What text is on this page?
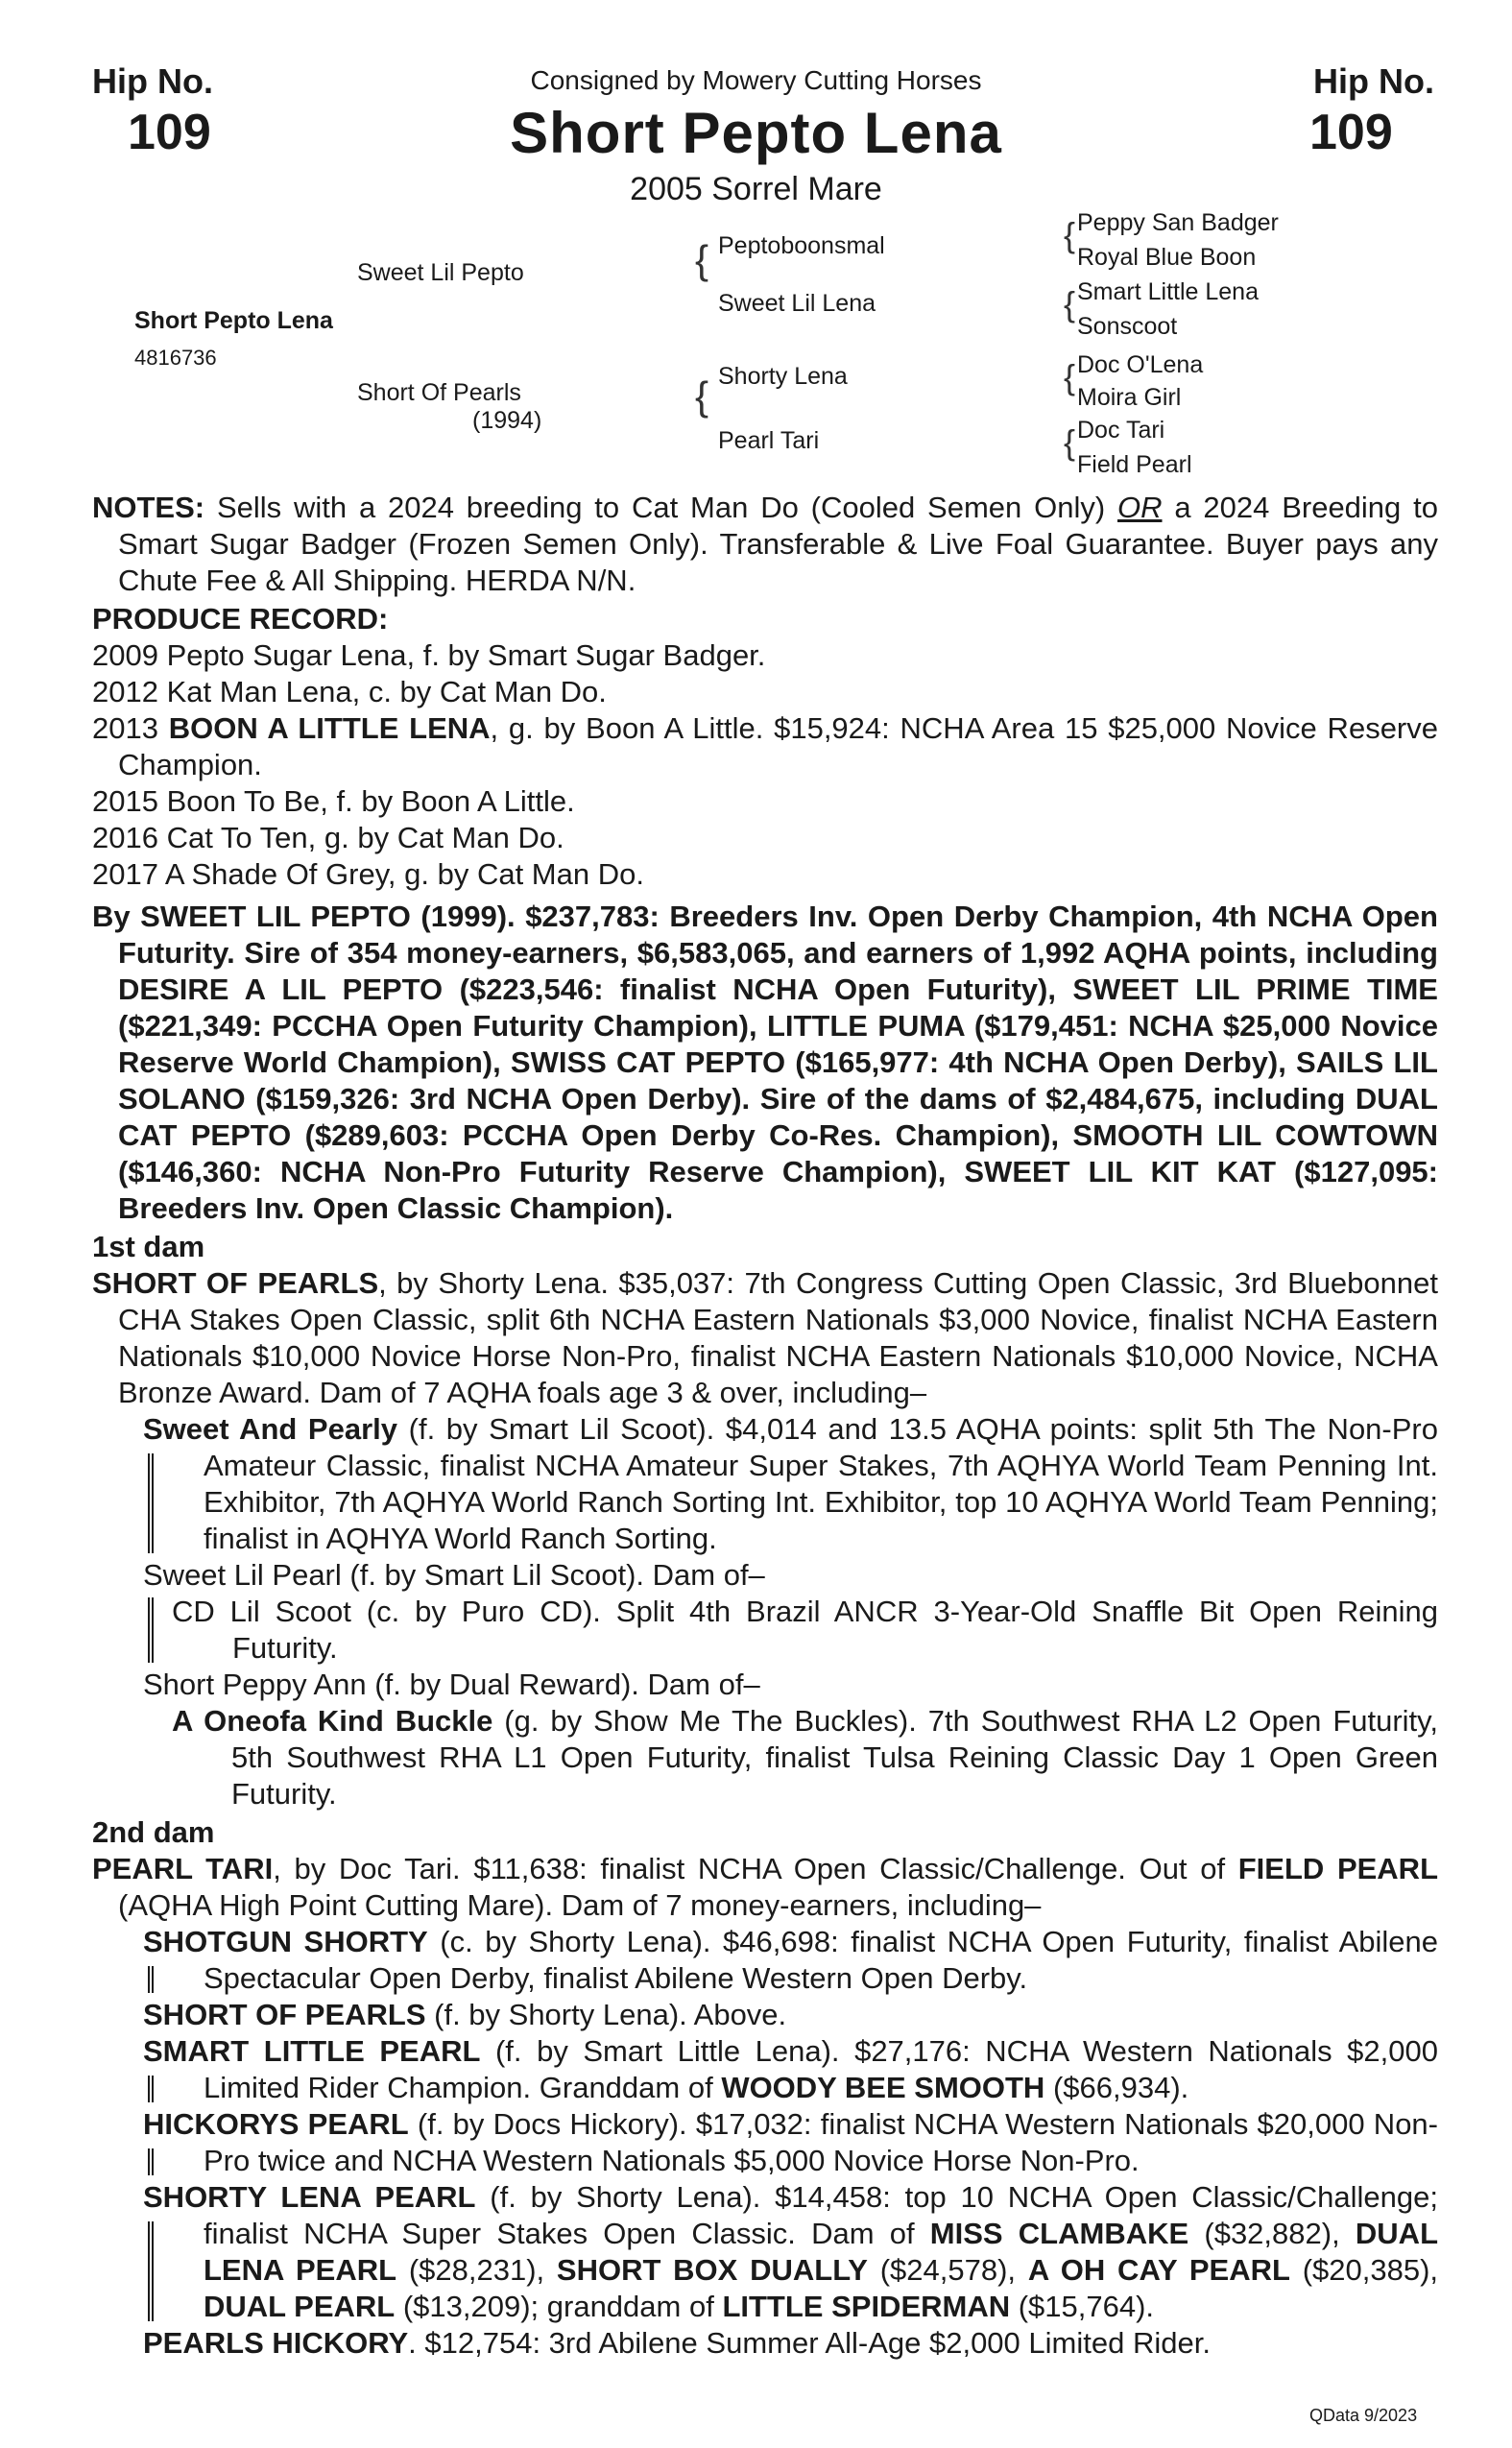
Hip No.
109
Hip No.
109
Consigned by Mowery Cutting Horses
Short Pepto Lena
2005 Sorrel Mare
Short Pepto Lena
4816736
Sweet Lil Pepto
Short Of Pearls
(1994)
{ Peptoboonsmal
Sweet Lil Lena
{ Shorty Lena
Pearl Tari
{ Peppy San Badger
Royal Blue Boon
{ Smart Little Lena
Sonscoot
{ Doc O'Lena
Moira Girl
{ Doc Tari
Field Pearl

NOTES: Sells with a 2024 breeding to Cat Man Do (Cooled Semen Only) OR a 2024 Breeding to Smart Sugar Badger (Frozen Semen Only). Transferable & Live Foal Guarantee. Buyer pays any Chute Fee & All Shipping. HERDA N/N.

PRODUCE RECORD:

2009 Pepto Sugar Lena, f. by Smart Sugar Badger.

2012 Kat Man Lena, c. by Cat Man Do.

2013 BOON A LITTLE LENA, g. by Boon A Little. $15,924: NCHA Area 15 $25,000 Novice Reserve Champion.

2015 Boon To Be, f. by Boon A Little.

2016 Cat To Ten, g. by Cat Man Do.

2017 A Shade Of Grey, g. by Cat Man Do.

By SWEET LIL PEPTO (1999). $237,783: Breeders Inv. Open Derby Champion, 4th NCHA Open Futurity. Sire of 354 money-earners, $6,583,065, and earners of 1,992 AQHA points, including DESIRE A LIL PEPTO ($223,546: finalist NCHA Open Futurity), SWEET LIL PRIME TIME ($221,349: PCCHA Open Futurity Champion), LITTLE PUMA ($179,451: NCHA $25,000 Novice Reserve World Champion), SWISS CAT PEPTO ($165,977: 4th NCHA Open Derby), SAILS LIL SOLANO ($159,326: 3rd NCHA Open Derby). Sire of the dams of $2,484,675, including DUAL CAT PEPTO ($289,603: PCCHA Open Derby Co-Res. Champion), SMOOTH LIL COWTOWN ($146,360: NCHA Non-Pro Futurity Reserve Champion), SWEET LIL KIT KAT ($127,095: Breeders Inv. Open Classic Champion).

1st dam

SHORT OF PEARLS, by Shorty Lena. $35,037: 7th Congress Cutting Open Classic, 3rd Bluebonnet CHA Stakes Open Classic, split 6th NCHA Eastern Nationals $3,000 Novice, finalist NCHA Eastern Nationals $10,000 Novice Horse Non-Pro, finalist NCHA Eastern Nationals $10,000 Novice, NCHA Bronze Award. Dam of 7 AQHA foals age 3 & over, including–

Sweet And Pearly (f. by Smart Lil Scoot). $4,014 and 13.5 AQHA points: split 5th The Non-Pro Amateur Classic, finalist NCHA Amateur Super Stakes, 7th AQHYA World Team Penning Int. Exhibitor, 7th AQHYA World Ranch Sorting Int. Exhibitor, top 10 AQHYA World Team Penning; finalist in AQHYA World Ranch Sorting.

Sweet Lil Pearl (f. by Smart Lil Scoot). Dam of–

CD Lil Scoot (c. by Puro CD). Split 4th Brazil ANCR 3-Year-Old Snaffle Bit Open Reining Futurity.

Short Peppy Ann (f. by Dual Reward). Dam of–

A Oneofa Kind Buckle (g. by Show Me The Buckles). 7th Southwest RHA L2 Open Futurity, 5th Southwest RHA L1 Open Futurity, finalist Tulsa Reining Classic Day 1 Open Green Futurity.

2nd dam

PEARL TARI, by Doc Tari. $11,638: finalist NCHA Open Classic/Challenge. Out of FIELD PEARL (AQHA High Point Cutting Mare). Dam of 7 money-earners, including–

SHOTGUN SHORTY (c. by Shorty Lena). $46,698: finalist NCHA Open Futurity, finalist Abilene Spectacular Open Derby, finalist Abilene Western Open Derby.

SHORT OF PEARLS (f. by Shorty Lena). Above.

SMART LITTLE PEARL (f. by Smart Little Lena). $27,176: NCHA Western Nationals $2,000 Limited Rider Champion. Granddam of WOODY BEE SMOOTH ($66,934).

HICKORYS PEARL (f. by Docs Hickory). $17,032: finalist NCHA Western Nationals $20,000 Non-Pro twice and NCHA Western Nationals $5,000 Novice Horse Non-Pro.

SHORTY LENA PEARL (f. by Shorty Lena). $14,458: top 10 NCHA Open Classic/Challenge; finalist NCHA Super Stakes Open Classic. Dam of MISS CLAMBAKE ($32,882), DUAL LENA PEARL ($28,231), SHORT BOX DUALLY ($24,578), A OH CAY PEARL ($20,385), DUAL PEARL ($13,209); granddam of LITTLE SPIDERMAN ($15,764).

PEARLS HICKORY. $12,754: 3rd Abilene Summer All-Age $2,000 Limited Rider.

QData 9/2023
